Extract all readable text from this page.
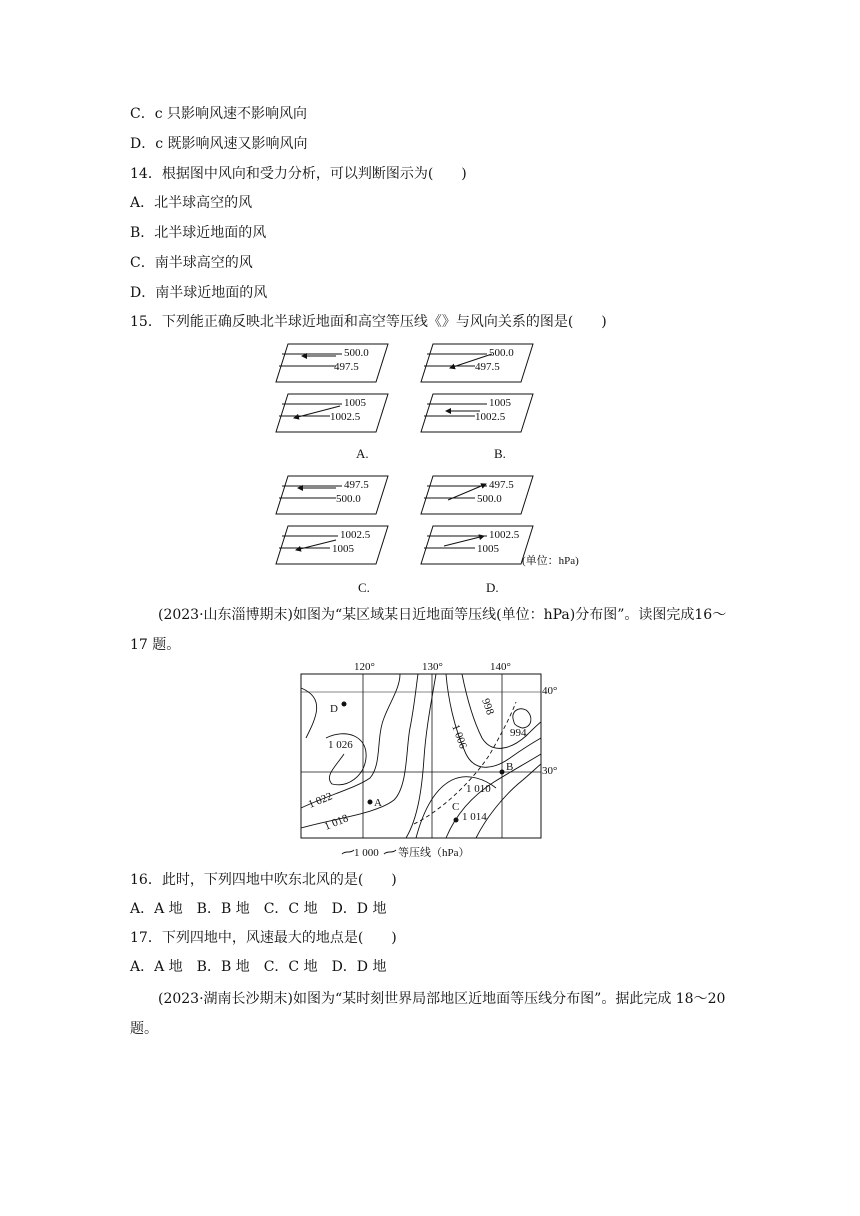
C．c 只影响风速不影响风向
D．c 既影响风速又影响风向
14．根据图中风向和受力分析，可以判断图示为( )
A．北半球高空的风
B．北半球近地面的风
C．南半球高空的风
D．南半球近地面的风
15．下列能正确反映北半球近地面和高空等压线《》与风向关系的图是( )
500.0
497.5
1005
1002.5
A.
500.0
497.5
1005
1002.5
B.
497.5
500.0
1002.5
1005
C.
497.5
500.0
1002.5
1005
D.
(单位：hPa)
(2023·山东淄博期末)如图为“某区域某日近地面等压线(单位：hPa)分布图”。读图完成16～17 题。
120°	130°	140°
40°
30°
1 026
1 022
1 018
1 006
998
994
1 010
1 014
D
A
B
C
1 000 等压线（hPa）
16．此时，下列四地中吹东北风的是( )
A．A 地　B．B 地　C．C 地　D．D 地
17．下列四地中，风速最大的地点是( )
A．A 地　B．B 地　C．C 地　D．D 地
(2023·湖南长沙期末)如图为“某时刻世界局部地区近地面等压线分布图”。据此完成 18～20 题。
